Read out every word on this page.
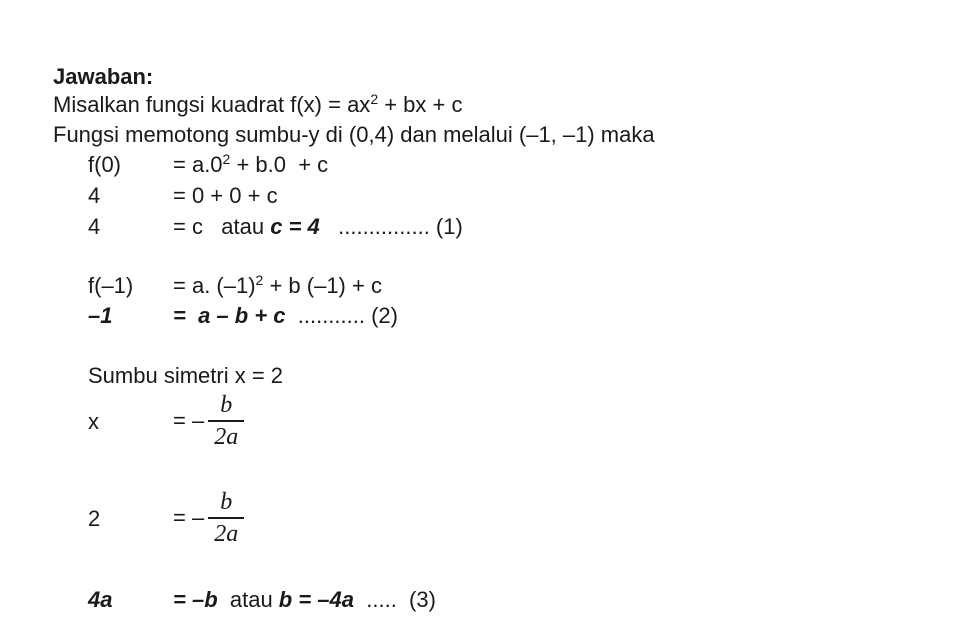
Jawaban:
Misalkan fungsi kuadrat $f(x) = ax^2$ + bx + c
Fungsi memotong sumbu-y di (0,4) dan melalui (–1, –1) maka
$f(0) = a.0^2 + b.0 + c$
4	= 0 + 0 + c
4	= c   atau c = 4   ............... (1)
f(–1) = a. $(-1)^2 + b$ (–1) + c
–1	=  a – b + c  ........... (2)
Sumbu simetri x = 2
x	= – $\frac{b}{2a}$
2	= – $\frac{b}{2a}$
4a	= –b  atau b = –4a  .....  (3)
